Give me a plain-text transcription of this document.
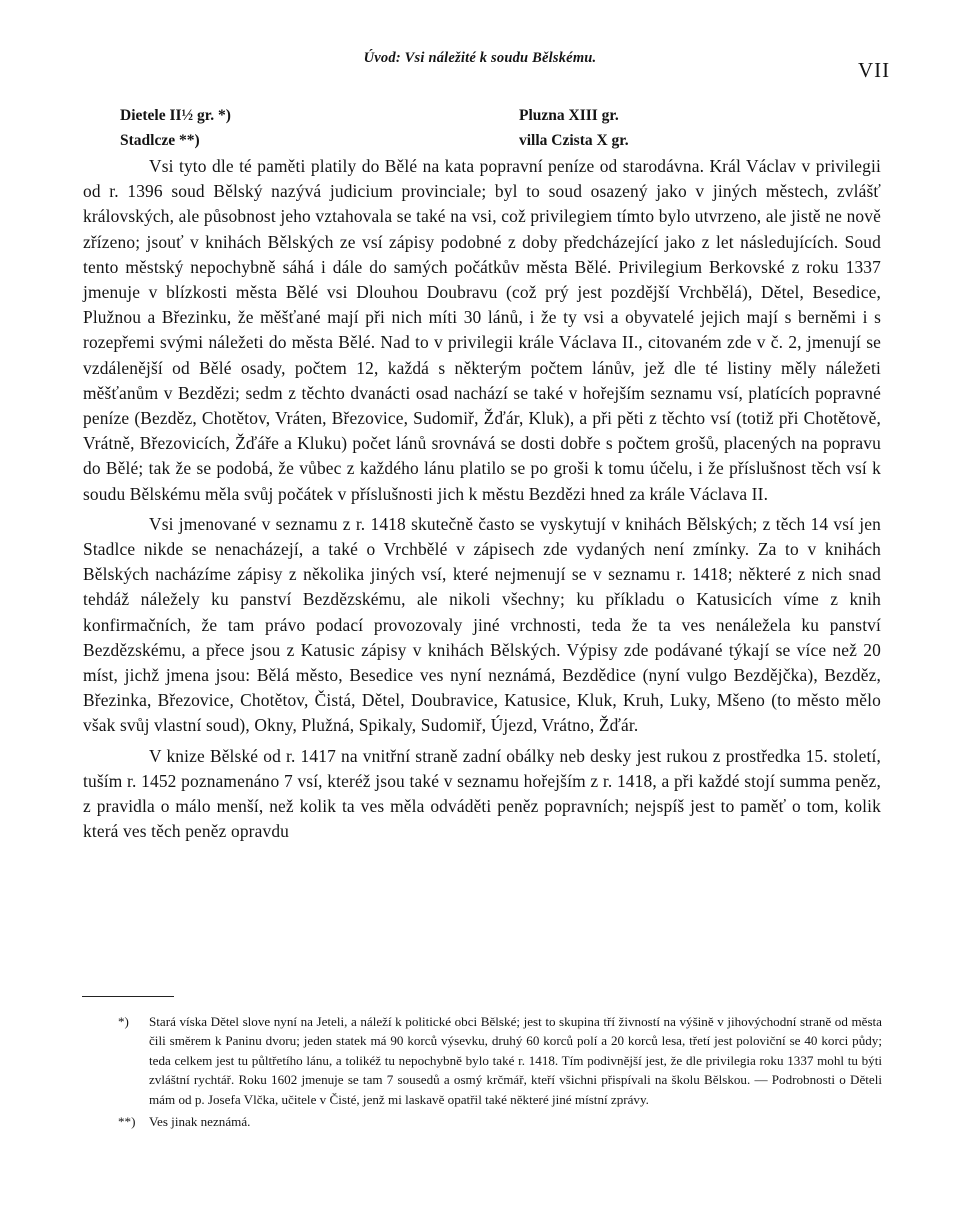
Úvod: Vsi náležité k soudu Bělskému.	VII
Dietele II½ gr. *)
Stadlcze **)
Pluzna XIII gr.
villa Czista X gr.

Vsi tyto dle té paměti platily do Bělé na kata popravní peníze od starodávna. Král Václav v privilegii od r. 1396 soud Bělský nazývá judicium provinciale; byl to soud osazený jako v jiných městech, zvlášť královských, ale působnost jeho vztahovala se také na vsi, což privilegiem tímto bylo utvrzeno, ale jistě ne nově zřízeno; jsouť v knihách Bělských ze vsí zápisy podobné z doby předcházející jako z let následujících. Soud tento městský nepochybně sáhá i dále do samých počátkův města Bělé. Privilegium Berkovské z roku 1337 jmenuje v blízkosti města Bělé vsi Dlouhou Doubravu (což prý jest pozdější Vrchbělá), Dětel, Besedice, Plužnou a Březinku, že měšťané mají při nich míti 30 lánů, i že ty vsi a obyvatelé jejich mají s berněmi i s rozepřemi svými náležeti do města Bělé. Nad to v privilegii krále Václava II., citovaném zde v č. 2, jmenují se vzdálenější od Bělé osady, počtem 12, každá s některým počtem lánův, jež dle té listiny měly náležeti měšťanům v Bezdězi; sedm z těchto dvanácti osad nachází se také v hořejším seznamu vsí, platících popravné peníze (Bezděz, Chotětov, Vráten, Březovice, Sudomiř, Žďár, Kluk), a při pěti z těchto vsí (totiž při Chotětově, Vrátně, Březovicích, Žďáře a Kluku) počet lánů srovnává se dosti dobře s počtem grošů, placených na popravu do Bělé; tak že se podobá, že vůbec z každého lánu platilo se po groši k tomu účelu, i že příslušnost těch vsí k soudu Bělskému měla svůj počátek v příslušnosti jich k městu Bezdězi hned za krále Václava II.

Vsi jmenované v seznamu z r. 1418 skutečně často se vyskytují v knihách Bělských; z těch 14 vsí jen Stadlce nikde se nenacházejí, a také o Vrchbělé v zápisech zde vydaných není zmínky. Za to v knihách Bělských nacházíme zápisy z několika jiných vsí, které nejmenují se v seznamu r. 1418; některé z nich snad tehdáž náležely ku panství Bezdězskému, ale nikoli všechny; ku příkladu o Katusicích víme z knih konfirmačních, že tam právo podací provozovaly jiné vrchnosti, teda že ta ves nenáležela ku panství Bezdězskému, a přece jsou z Katusic zápisy v knihách Bělských. Výpisy zde podávané týkají se více než 20 míst, jichž jmena jsou: Bělá město, Besedice ves nyní neznámá, Bezdědice (nyní vulgo Bezdějčka), Bezděz, Březinka, Březovice, Chotětov, Čistá, Dětel, Doubravice, Katusice, Kluk, Kruh, Luky, Mšeno (to město mělo však svůj vlastní soud), Okny, Plužná, Spikaly, Sudomiř, Újezd, Vrátno, Žďár.

V knize Bělské od r. 1417 na vnitřní straně zadní obálky neb desky jest rukou z prostředka 15. století, tuším r. 1452 poznamenáno 7 vsí, kteréž jsou také v seznamu hořejším z r. 1418, a při každé stojí summa peněz, z pravidla o málo menší, než kolik ta ves měla odváděti peněz popravních; nejspíš jest to paměť o tom, kolik která ves těch peněz opravdu

*) Stará víska Dětel slove nyní na Jeteli, a náleží k politické obci Bělské; jest to skupina tří živností na výšině v jihovýchodní straně od města čili směrem k Paninu dvoru; jeden statek má 90 korců výsevku, druhý 60 korců polí a 20 korců lesa, třetí jest poloviční se 40 korci půdy; teda celkem jest tu půltřetího lánu, a tolikéž tu nepochybně bylo také r. 1418. Tím podivnější jest, že dle privilegia roku 1337 mohl tu býti zvláštní rychtář. Roku 1602 jmenuje se tam 7 sousedů a osmý krčmář, kteří všichni přispívali na školu Bělskou. — Podrobnosti o Děteli mám od p. Josefa Vlčka, učitele v Čisté, jenž mi laskavě opatřil také některé jiné místní zprávy.
**) Ves jinak neznámá.
